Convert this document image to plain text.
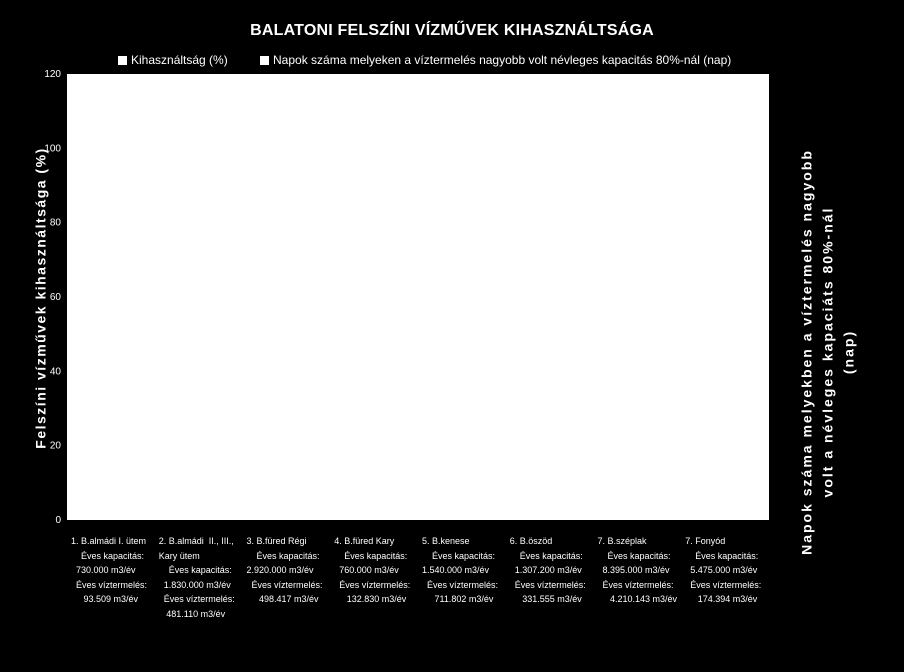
BALATONI FELSZÍNI VÍZMŰVEK KIHASZNÁLTSÁGA
Kihasználtság (%)	Napok száma melyeken a víztermelés nagyobb volt névleges kapacitás 80%-nál (nap)
0
20
40
60
80
100
120
Felszíni vízművek kihasználtsága (%)
Napok száma melyekben a víztermelés nagyobb
volt a névleges kapaciáts 80%-nál
(nap)
1. B.almádi I. ütem
Éves kapacitás:
730.000 m3/év
Éves víztermelés:
93.509 m3/év
2. B.almádi  II., III.,
Kary ütem
Éves kapacitás:
1.830.000 m3/év
Éves víztermelés:
481.110 m3/év
3. B.füred Régi
Éves kapacitás:
2.920.000 m3/év
Éves víztermelés:
498.417 m3/év
4. B.füred Kary
Éves kapacitás:
760.000 m3/év
Éves víztermelés:
132.830 m3/év
5. B.kenese
Éves kapacitás:
1.540.000 m3/év
Éves víztermelés:
711.802 m3/év
6. B.öszöd
Éves kapacitás:
1.307.200 m3/év
Éves víztermelés:
331.555 m3/év
7. B.széplak
Éves kapacitás:
8.395.000 m3/év
Éves víztermelés:
4.210.143 m3/év
7. Fonyód
Éves kapacitás:
5.475.000 m3/év
Éves víztermelés:
174.394 m3/év
